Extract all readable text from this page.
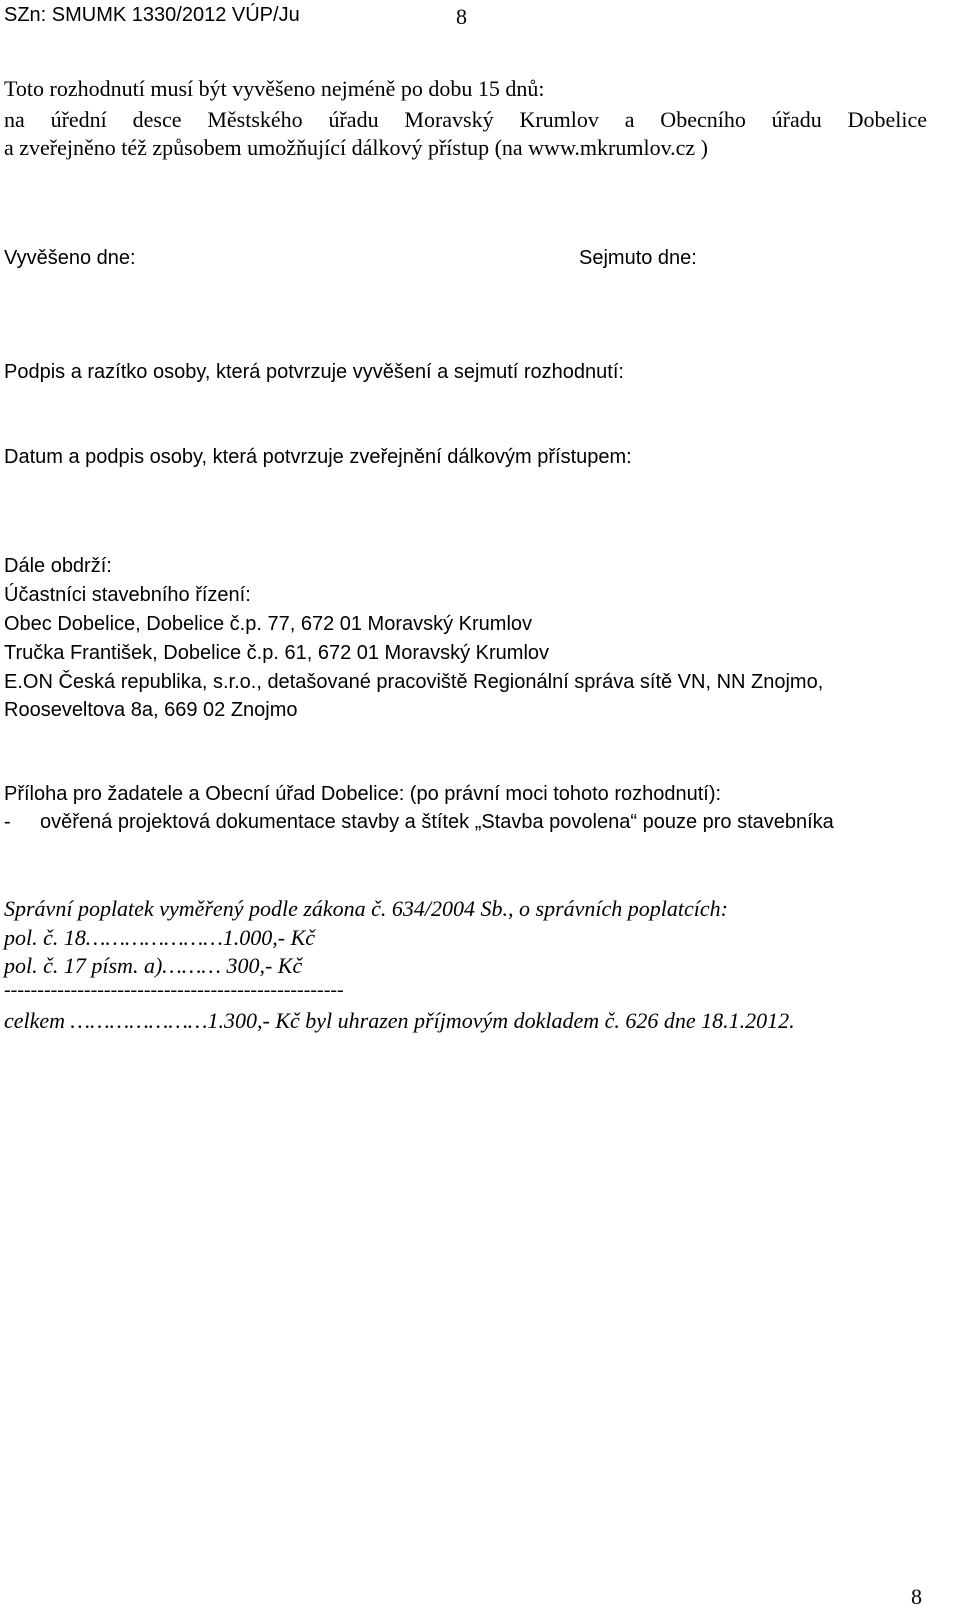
SZn: SMUMK 1330/2012 VÚP/Ju	8
Toto rozhodnutí musí být vyvěšeno nejméně po dobu 15 dnů:
na úřední desce Městského úřadu Moravský Krumlov a Obecního úřadu Dobelice
a zveřejněno též způsobem umožňující dálkový přístup (na www.mkrumlov.cz )
Vyvěšeno dne:	Sejmuto dne:
Podpis a razítko osoby, která potvrzuje vyvěšení a sejmutí rozhodnutí:
Datum a podpis osoby, která potvrzuje zveřejnění dálkovým přístupem:
Dále obdrží:
Účastníci stavebního řízení:
Obec Dobelice, Dobelice č.p. 77, 672 01 Moravský Krumlov
Tručka František, Dobelice č.p. 61, 672 01 Moravský Krumlov
E.ON Česká republika, s.r.o., detašované pracoviště Regionální správa sítě VN, NN Znojmo,
Rooseveltova 8a, 669 02 Znojmo
Příloha pro žadatele a Obecní úřad Dobelice: (po právní moci tohoto rozhodnutí):
- ověřená projektová dokumentace stavby a štítek „Stavba povolena“ pouze pro stavebníka
Správní poplatek vyměřený podle zákona č. 634/2004 Sb., o správních poplatcích:
pol. č. 18…………………1.000,- Kč
pol. č. 17 písm. a)……… 300,- Kč
---------------------------------------------------
celkem …………………1.300,- Kč byl uhrazen příjmovým dokladem č. 626 dne 18.1.2012.
8
